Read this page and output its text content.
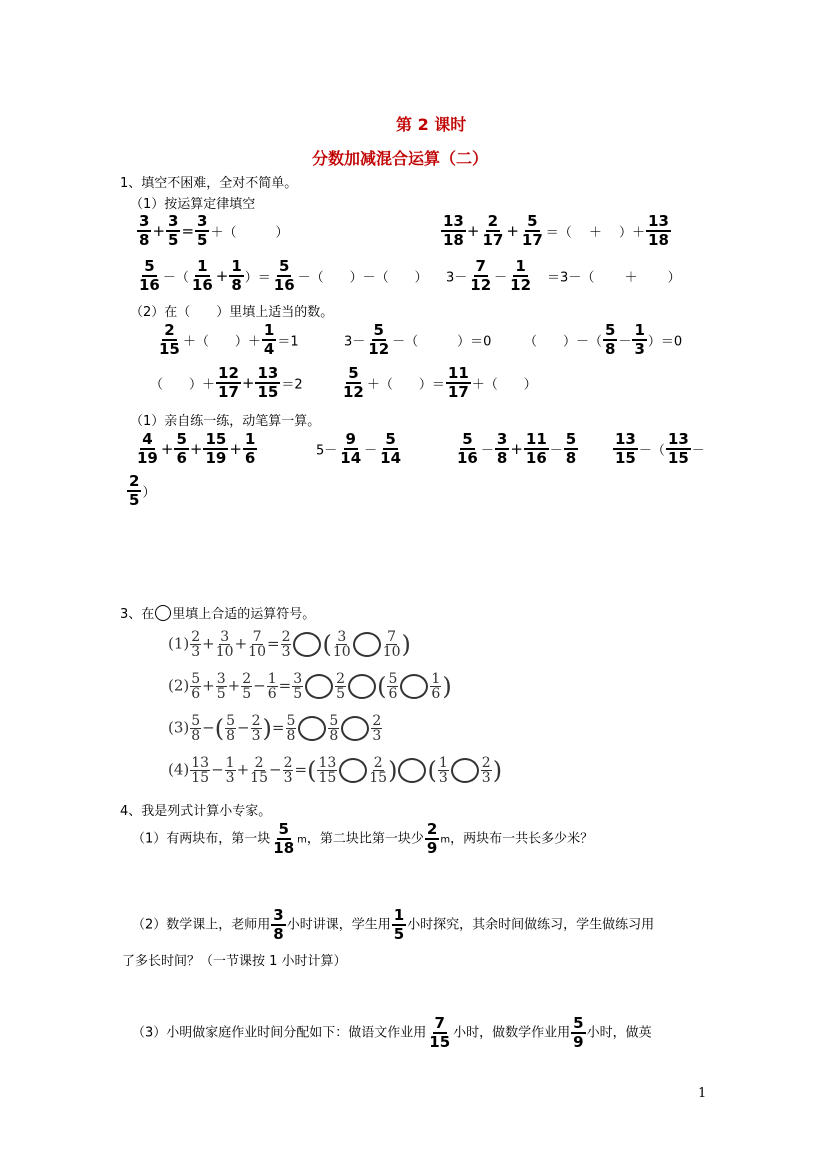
第 2 课时
分数加减混合运算（二）
1、填空不困难，全对不简单。
（1）按运算定律填空
$\frac{3}{8} + \frac{3}{5} = \frac{3}{5}$ ＋（　　　）	$\frac{13}{18} + \frac{2}{17} + \frac{5}{17}$ ＝（　 ＋　 ）＋ $\frac{13}{18}$
$\frac{5}{16}$ －（ $\frac{1}{16} + \frac{1}{8}$ ）＝ $\frac{5}{16}$ －（　　）－（　　） $3- \frac{7}{12} - \frac{1}{12}$ 　＝3－（　　 ＋　　 ）
（2）在（　　）里填上适当的数。
$\frac{2}{15}$ ＋（　　）＋ $\frac{1}{4} =1$	$3- \frac{5}{12}$ －（　　　）＝0	（　　）－（ $\frac{5}{8} - \frac{1}{3} )=0$
（　　）＋ $\frac{12}{17} + \frac{13}{15} =2$	$\frac{5}{12}$ ＋（　　）＝ $\frac{11}{17}$ ＋（　　）
（1）亲自练一练，动笔算一算。
$\frac{4}{19} + \frac{5}{6} + \frac{15}{19} + \frac{1}{6}$	$5- \frac{9}{14} - \frac{5}{14}$	$\frac{5}{16} - \frac{3}{8} + \frac{11}{16} - \frac{5}{8} \frac{13}{15}$ －（ $\frac{13}{15}$ －
$\frac{2}{5}$ ）
3、在 里填上合适的运算符号。
$(1) \frac{2}{3} + \frac{3}{10} + \frac{7}{10} = \frac{2}{3}$ ( $\frac{3}{10} \frac{7}{10}$ )
$(2) \frac{5}{6} + \frac{3}{5} + \frac{2}{5} - \frac{1}{6} = \frac{3}{5} \frac{2}{5}$ ( $\frac{5}{6} \frac{1}{6}$ )
$(3) \frac{5}{8}$ −( $\frac{5}{8} - \frac{2}{3}$ )= $\frac{5}{8} \frac{5}{8} \frac{2}{3}$
$(4) \frac{13}{15} - \frac{1}{3} + \frac{2}{15} - \frac{2}{3}$ =( $\frac{13}{15} \frac{2}{15}$ ) ( $\frac{1}{3} \frac{2}{3}$ )
4、我是列式计算小专家。
（1）有两块布，第一块 $\frac{5}{18}$ m，第二块比第一块少 $\frac{2}{9}$ m，两块布一共长多少米？
（2）数学课上，老师用 $\frac{3}{8}$ 小时讲课，学生用 $\frac{1}{5}$ 小时探究，其余时间做练习，学生做练习用
了多长时间？（一节课按 1 小时计算）
（3）小明做家庭作业时间分配如下：做语文作业用 $\frac{7}{15}$ 小时，做数学作业用 $\frac{5}{9}$ 小时，做英
1
